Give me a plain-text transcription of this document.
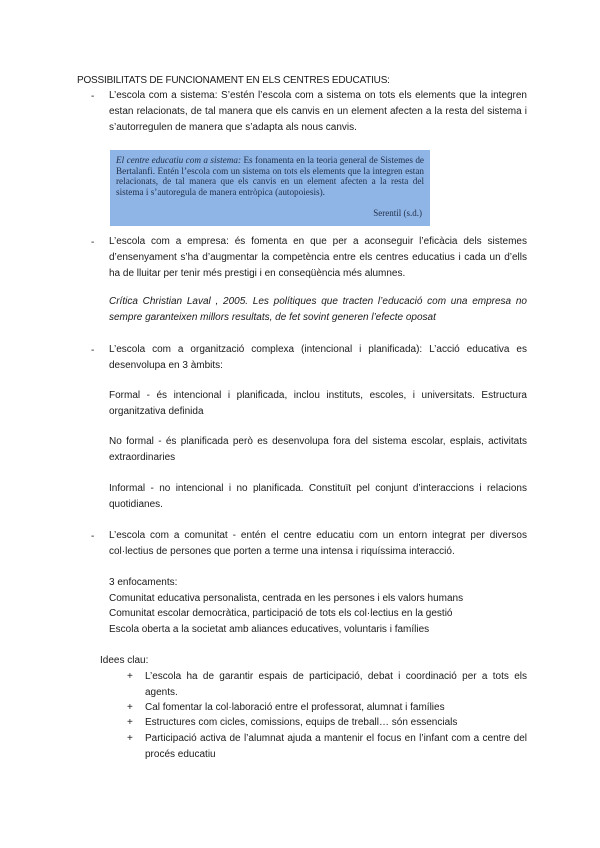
POSSIBILITATS DE FUNCIONAMENT EN ELS CENTRES EDUCATIUS:
- L’escola com a sistema: S’estén l’escola com a sistema on tots els elements que la integren estan relacionats, de tal manera que els canvis en un element afecten a la resta del sistema i s’autorregulen de manera que s’adapta als nous canvis.
El centre educatiu com a sistema: Es fonamenta en la teoria general de Sistemes de Bertalanfi. Entén l’escola com un sistema on tots els elements que la integren estan relacionats, de tal manera que els canvis en un element afecten a la resta del sistema i s’autoregula de manera entròpica (autopoiesis).
Serentil (s.d.)
- L’escola com a empresa: és fomenta en que per a aconseguir l’eficàcia dels sistemes d’ensenyament s’ha d’augmentar la competència entre els centres educatius i cada un d’ells ha de lluitar per tenir més prestigi i en conseqüència més alumnes.
Crítica Christian Laval , 2005. Les polítiques que tracten l’educació com una empresa no sempre garanteixen millors resultats, de fet sovint generen l’efecte oposat
- L’escola com a organització complexa (intencional i planificada): L’acció educativa es desenvolupa en 3 àmbits:
Formal - és intencional i planificada, inclou instituts, escoles, i universitats. Estructura organitzativa definida
No formal - és planificada però es desenvolupa fora del sistema escolar, esplais, activitats extraordinaries
Informal - no intencional i no planificada. Constituït pel conjunt d’interaccions i relacions quotidianes.
- L’escola com a comunitat - entén el centre educatiu com un entorn integrat per diversos col·lectius de persones que porten a terme una intensa i riquíssima interacció.
3 enfocaments:
Comunitat educativa personalista, centrada en les persones i els valors humans
Comunitat escolar democràtica, participació de tots els col·lectius en la gestió
Escola oberta a la societat amb aliances educatives, voluntaris i famílies
Idees clau:
+ L’escola ha de garantir espais de participació, debat i coordinació per a tots els agents.
+ Cal fomentar la col·laboració entre el professorat, alumnat i famílies
+ Estructures com cicles, comissions, equips de treball… són essencials
+ Participació activa de l’alumnat ajuda a mantenir el focus en l’infant com a centre del procés educatiu
